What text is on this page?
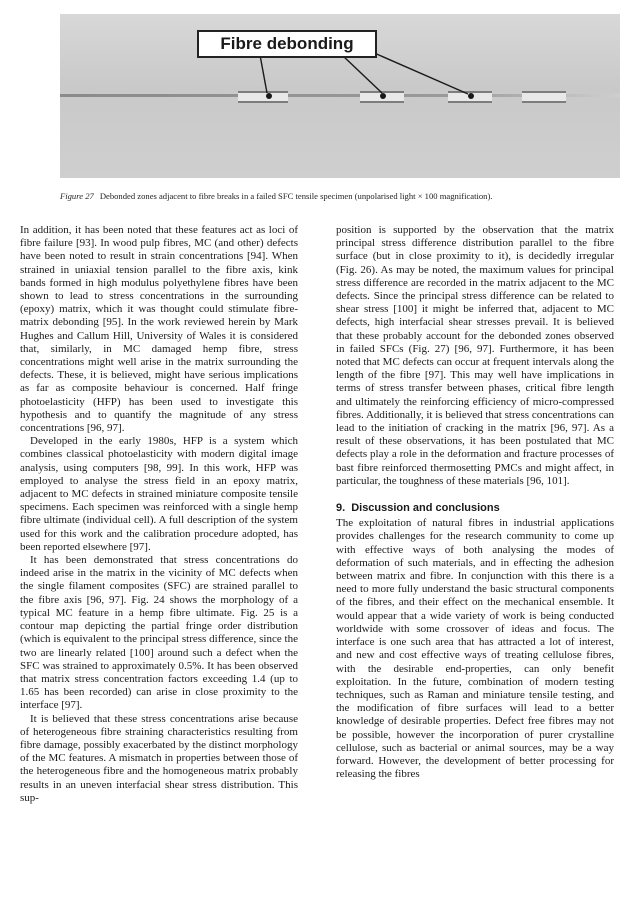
Fibre debonding
Figure 27 Debonded zones adjacent to fibre breaks in a failed SFC tensile specimen (unpolarised light × 100 magnification).

In addition, it has been noted that these features act as loci of fibre failure [93]. In wood pulp fibres, MC (and other) defects have been noted to result in strain concentrations [94]. When strained in uniaxial tension parallel to the fibre axis, kink bands formed in high modulus polyethylene fibres have been shown to lead to stress concentrations in the surrounding (epoxy) matrix, which it was thought could stimulate fibre-matrix debonding [95]. In the work reviewed herein by Mark Hughes and Callum Hill, University of Wales it is considered that, similarly, in MC damaged hemp fibre, stress concentrations might well arise in the matrix surrounding the defects. These, it is believed, might have serious implications as far as composite behaviour is concerned. Half fringe photoelasticity (HFP) has been used to investigate this hypothesis and to quantify the magnitude of any stress concentrations [96, 97].

Developed in the early 1980s, HFP is a system which combines classical photoelasticity with modern digital image analysis, using computers [98, 99]. In this work, HFP was employed to analyse the stress field in an epoxy matrix, adjacent to MC defects in strained miniature composite tensile specimens. Each specimen was reinforced with a single hemp fibre ultimate (individual cell). A full description of the system used for this work and the calibration procedure adopted, has been reported elsewhere [97].

It has been demonstrated that stress concentrations do indeed arise in the matrix in the vicinity of MC defects when the single filament composites (SFC) are strained parallel to the fibre axis [96, 97]. Fig. 24 shows the morphology of a typical MC feature in a hemp fibre ultimate. Fig. 25 is a contour map depicting the partial fringe order distribution (which is equivalent to the principal stress difference, since the two are linearly related [100] around such a defect when the SFC was strained to approximately 0.5%. It has been observed that matrix stress concentration factors exceeding 1.4 (up to 1.65 has been recorded) can arise in close proximity to the interface [97].

It is believed that these stress concentrations arise because of heterogeneous fibre straining characteristics resulting from fibre damage, possibly exacerbated by the distinct morphology of the MC features. A mismatch in properties between those of the heterogeneous fibre and the homogeneous matrix probably results in an uneven interfacial shear stress distribution. This sup-

position is supported by the observation that the matrix principal stress difference distribution parallel to the fibre surface (but in close proximity to it), is decidedly irregular (Fig. 26). As may be noted, the maximum values for principal stress difference are recorded in the matrix adjacent to the MC defects. Since the principal stress difference can be related to shear stress [100] it might be inferred that, adjacent to MC defects, high interfacial shear stresses prevail. It is believed that these probably account for the debonded zones observed in failed SFCs (Fig. 27) [96, 97]. Furthermore, it has been noted that MC defects can occur at frequent intervals along the length of the fibre [97]. This may well have implications in terms of stress transfer between phases, critical fibre length and ultimately the reinforcing efficiency of micro-compressed fibres. Additionally, it is believed that stress concentrations can lead to the initiation of cracking in the matrix [96, 97]. As a result of these observations, it has been postulated that MC defects play a role in the deformation and fracture processes of bast fibre reinforced thermosetting PMCs and might affect, in particular, the toughness of these materials [96, 101].

9. Discussion and conclusions

The exploitation of natural fibres in industrial applications provides challenges for the research community to come up with effective ways of both analysing the modes of deformation of such materials, and in effecting the adhesion between matrix and fibre. In conjunction with this there is a need to more fully understand the basic structural components of the fibres, and their effect on the mechanical ensemble. It would appear that a wide variety of work is being conducted worldwide with some crossover of ideas and focus. The interface is one such area that has attracted a lot of interest, and new and cost effective ways of treating cellulose fibres, with the desirable end-properties, can only benefit exploitation. In the future, combination of modern testing techniques, such as Raman and miniature tensile testing, and the modification of fibre surfaces will lead to a better knowledge of desirable properties. Defect free fibres may not be possible, however the incorporation of purer crystalline cellulose, such as bacterial or animal sources, may be a way forward. However, the development of better processing for releasing the fibres
